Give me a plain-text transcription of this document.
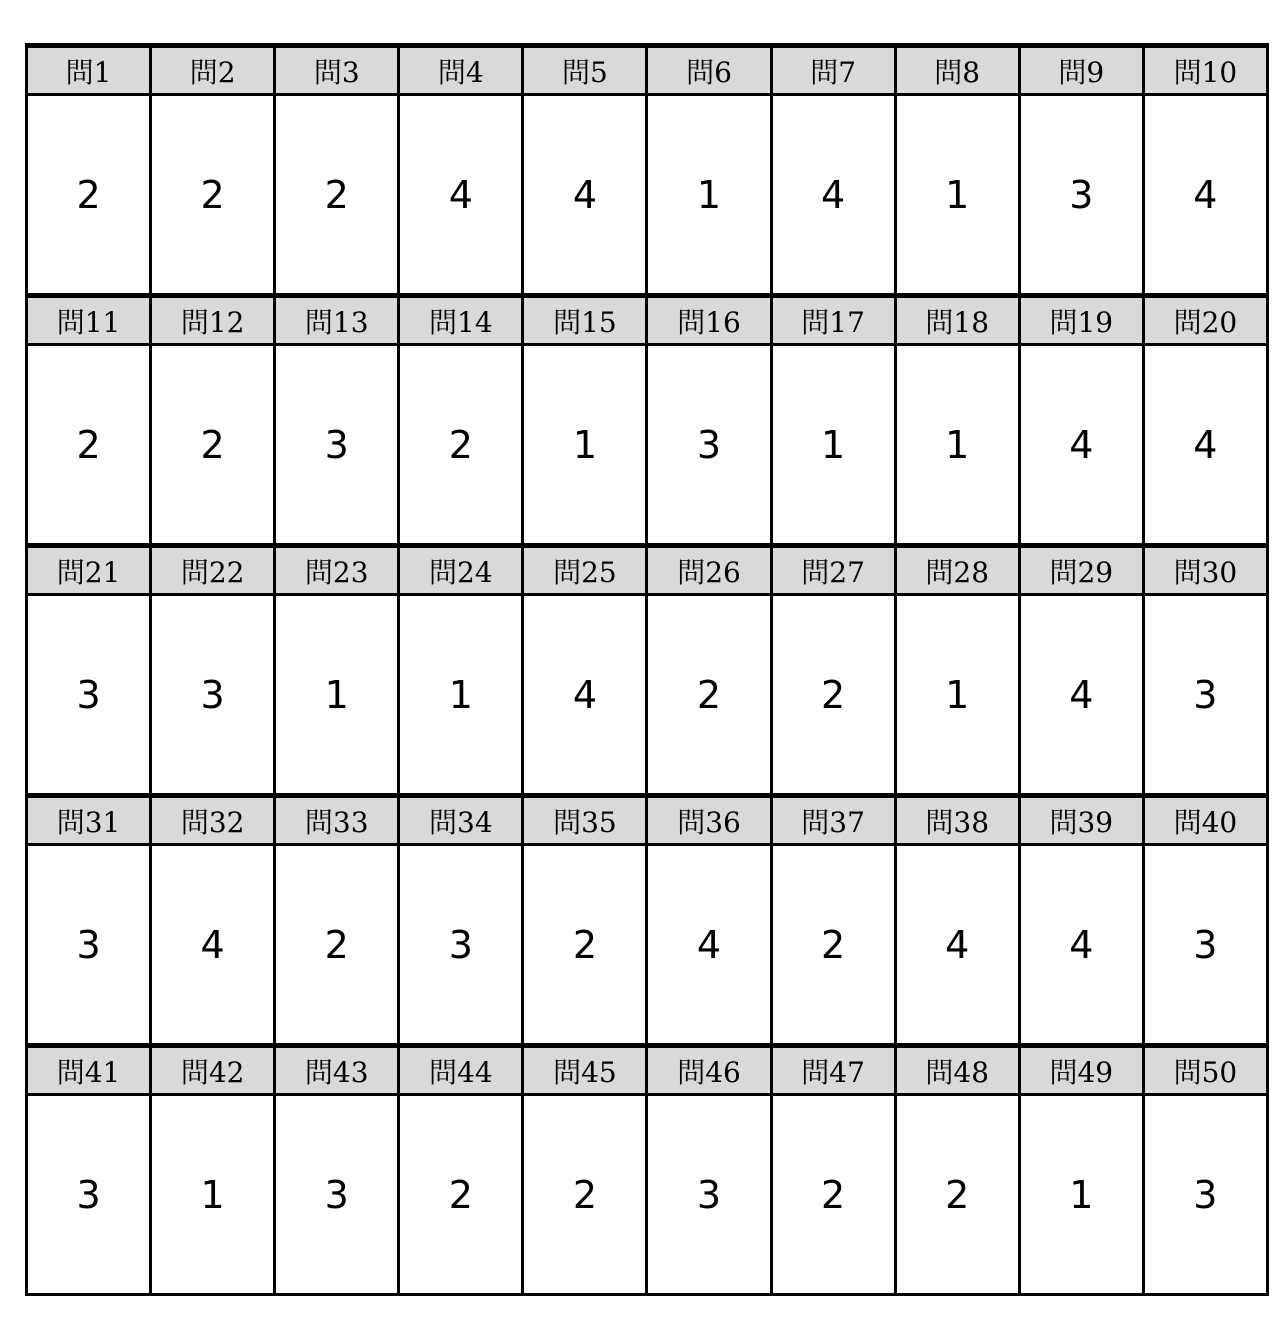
問1	問2	問3	問4	問5	問6	問7	問8	問9	問10
2	2	2	4	4	1	4	1	3	4
問11	問12	問13	問14	問15	問16	問17	問18	問19	問20
2	2	3	2	1	3	1	1	4	4
問21	問22	問23	問24	問25	問26	問27	問28	問29	問30
3	3	1	1	4	2	2	1	4	3
問31	問32	問33	問34	問35	問36	問37	問38	問39	問40
3	4	2	3	2	4	2	4	4	3
問41	問42	問43	問44	問45	問46	問47	問48	問49	問50
3	1	3	2	2	3	2	2	1	3
